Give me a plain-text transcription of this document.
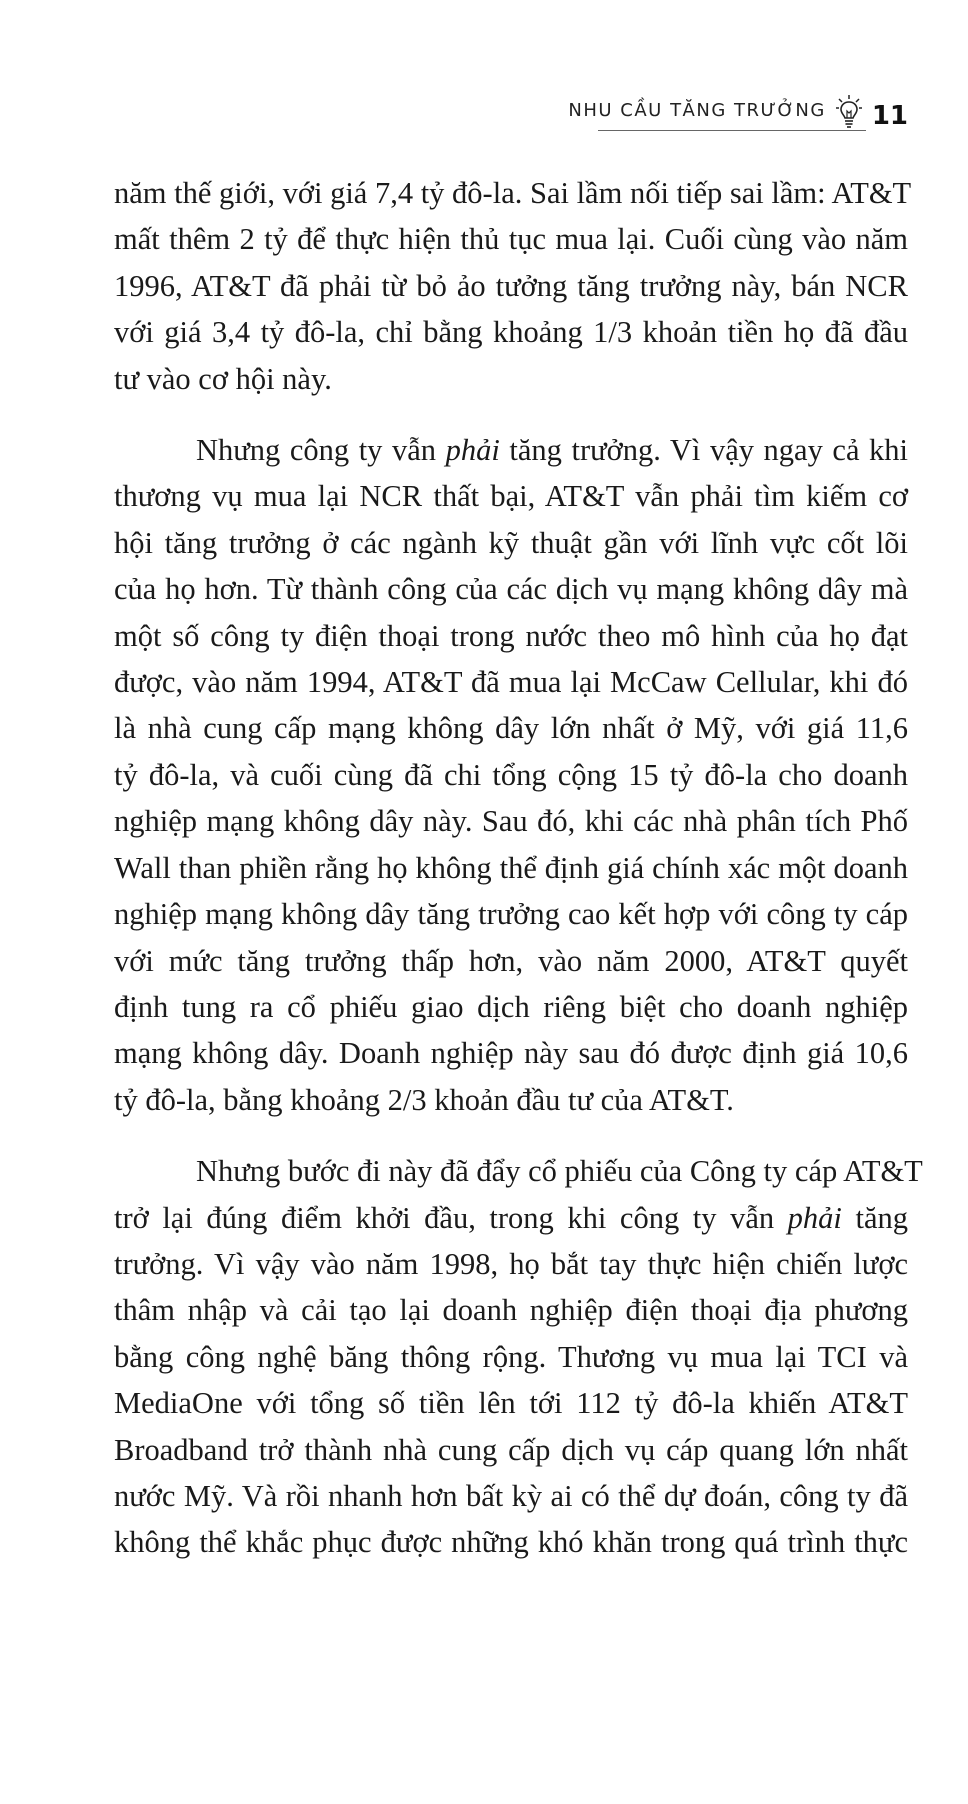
NHU CẦU TĂNG TRƯỞNG 11
năm thế giới, với giá 7,4 tỷ đô-la. Sai lầm nối tiếp sai lầm: AT&T
mất thêm 2 tỷ để thực hiện thủ tục mua lại. Cuối cùng vào năm
1996, AT&T đã phải từ bỏ ảo tưởng tăng trưởng này, bán NCR
với giá 3,4 tỷ đô-la, chỉ bằng khoảng 1/3 khoản tiền họ đã đầu
tư vào cơ hội này.
Nhưng công ty vẫn phải tăng trưởng. Vì vậy ngay cả khi
thương vụ mua lại NCR thất bại, AT&T vẫn phải tìm kiếm cơ
hội tăng trưởng ở các ngành kỹ thuật gần với lĩnh vực cốt lõi
của họ hơn. Từ thành công của các dịch vụ mạng không dây mà
một số công ty điện thoại trong nước theo mô hình của họ đạt
được, vào năm 1994, AT&T đã mua lại McCaw Cellular, khi đó
là nhà cung cấp mạng không dây lớn nhất ở Mỹ, với giá 11,6
tỷ đô-la, và cuối cùng đã chi tổng cộng 15 tỷ đô-la cho doanh
nghiệp mạng không dây này. Sau đó, khi các nhà phân tích Phố
Wall than phiền rằng họ không thể định giá chính xác một doanh
nghiệp mạng không dây tăng trưởng cao kết hợp với công ty cáp
với mức tăng trưởng thấp hơn, vào năm 2000, AT&T quyết
định tung ra cổ phiếu giao dịch riêng biệt cho doanh nghiệp
mạng không dây. Doanh nghiệp này sau đó được định giá 10,6
tỷ đô-la, bằng khoảng 2/3 khoản đầu tư của AT&T.
Nhưng bước đi này đã đẩy cổ phiếu của Công ty cáp AT&T
trở lại đúng điểm khởi đầu, trong khi công ty vẫn phải tăng
trưởng. Vì vậy vào năm 1998, họ bắt tay thực hiện chiến lược
thâm nhập và cải tạo lại doanh nghiệp điện thoại địa phương
bằng công nghệ băng thông rộng. Thương vụ mua lại TCI và
MediaOne với tổng số tiền lên tới 112 tỷ đô-la khiến AT&T
Broadband trở thành nhà cung cấp dịch vụ cáp quang lớn nhất
nước Mỹ. Và rồi nhanh hơn bất kỳ ai có thể dự đoán, công ty đã
không thể khắc phục được những khó khăn trong quá trình thực
